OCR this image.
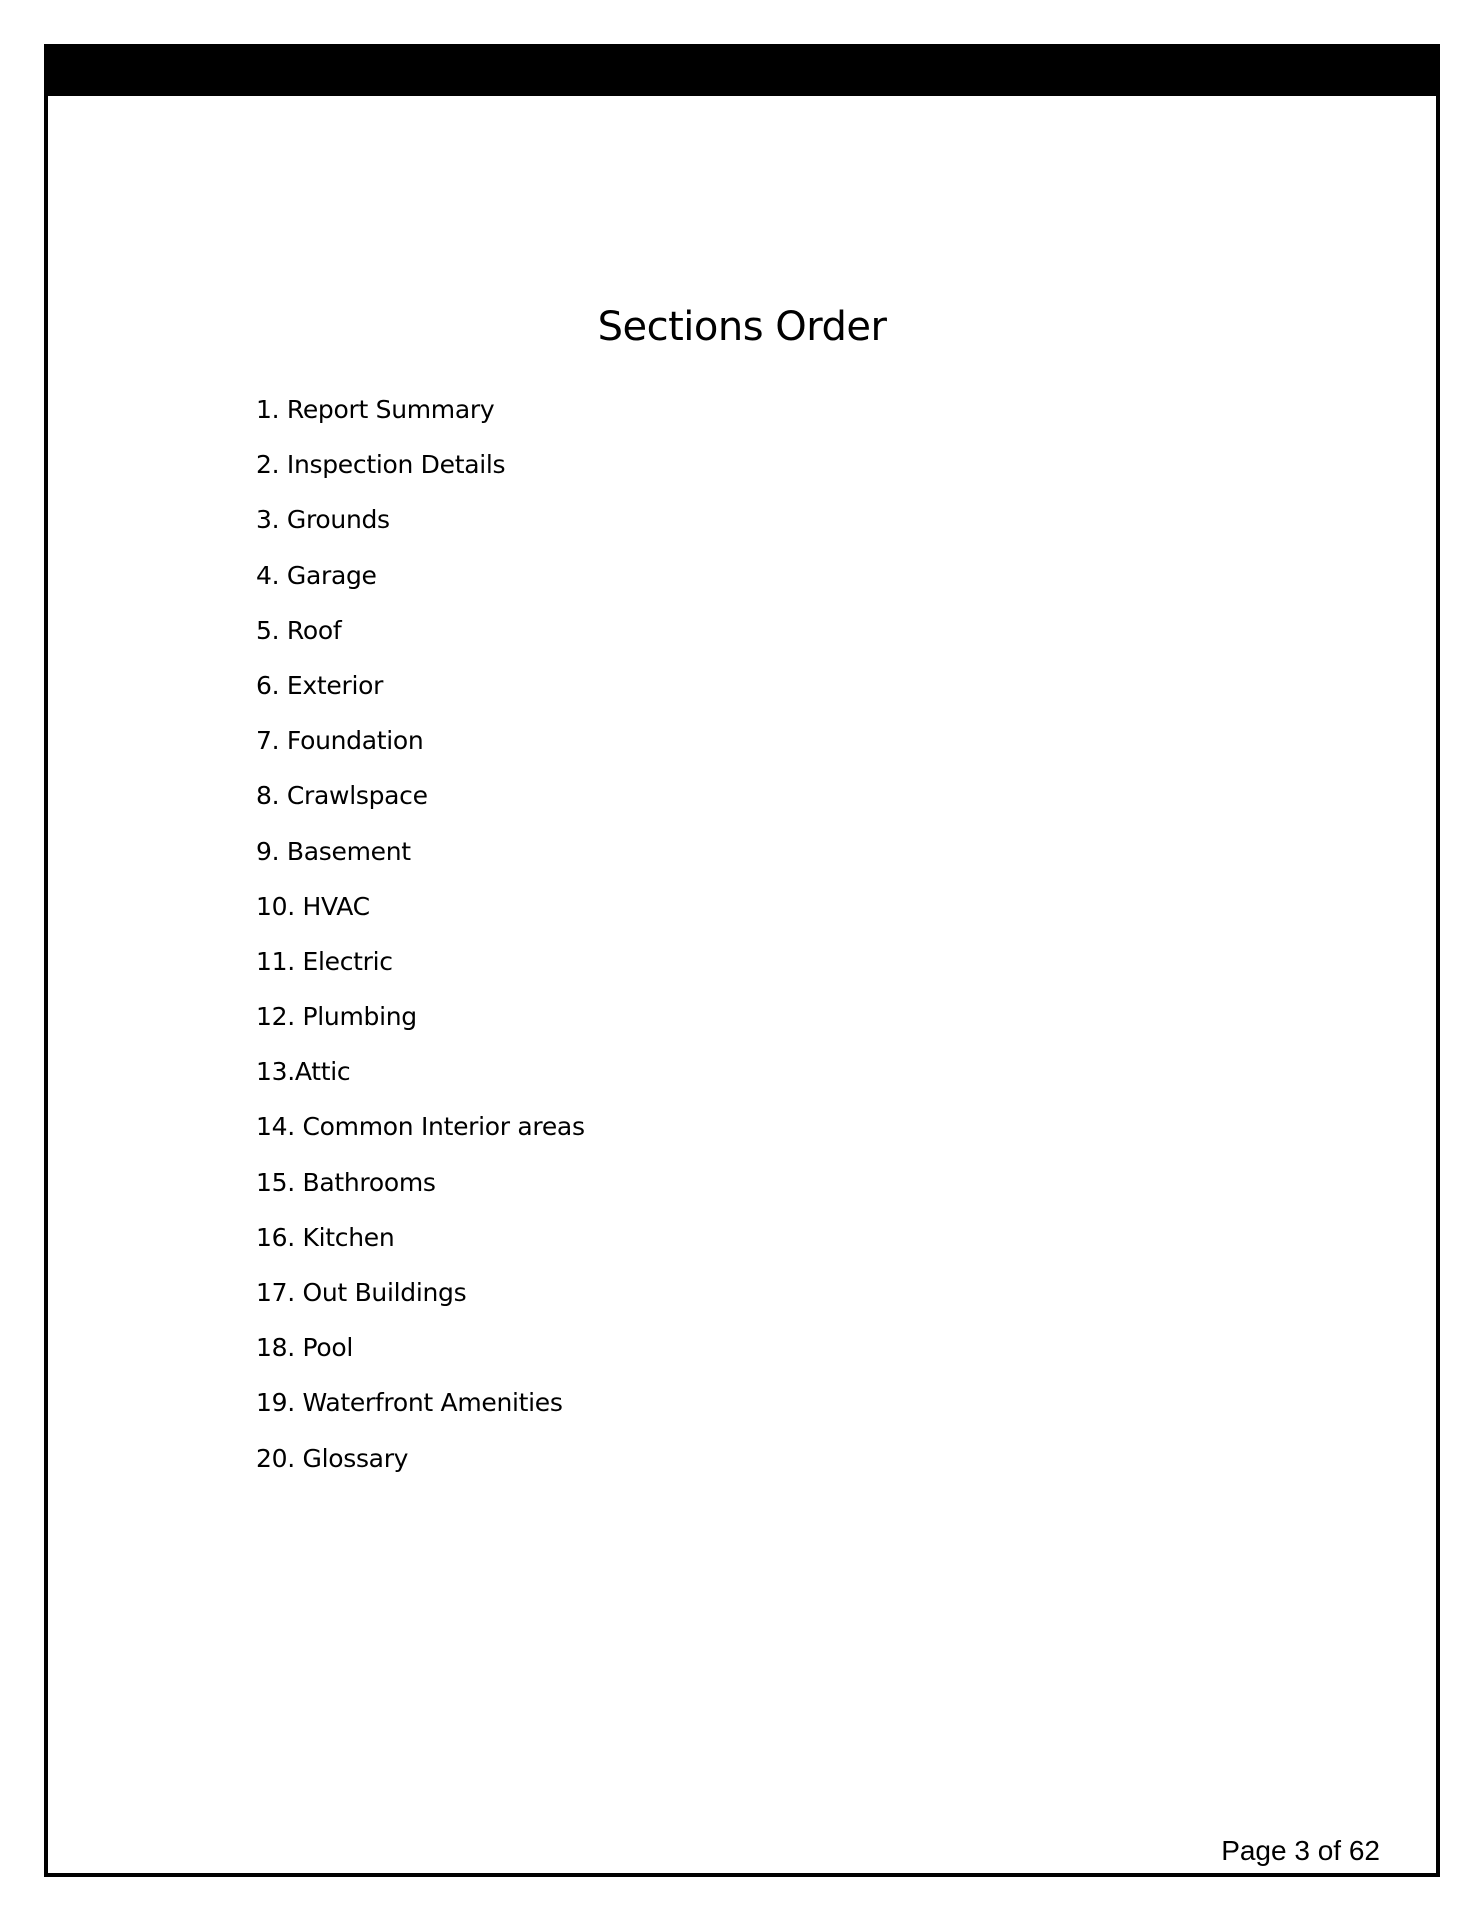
Sections Order
1. Report Summary
2. Inspection Details
3. Grounds
4. Garage
5. Roof
6. Exterior
7. Foundation
8. Crawlspace
9. Basement
10. HVAC
11. Electric
12. Plumbing
13.Attic
14. Common Interior areas
15. Bathrooms
16. Kitchen
17. Out Buildings
18. Pool
19. Waterfront Amenities
20. Glossary
Page 3 of 62
